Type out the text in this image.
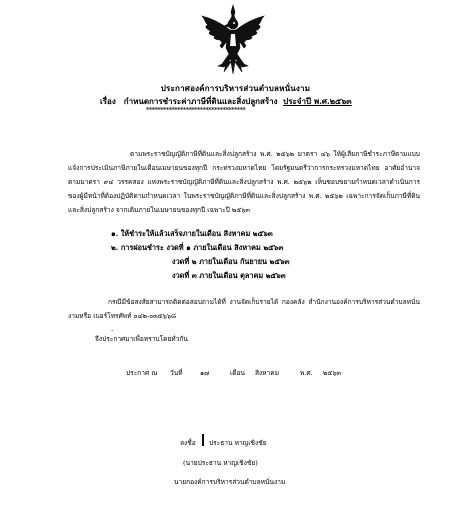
ประกาศองค์การบริหารส่วนตำบลหนั่นงาม
เรื่อง กำหนดการชำระค่าภาษีที่ดินและสิ่งปลูกสร้าง ประจำปี พ.ศ.๒๕๖๓
***********************************
ตามพระราชบัญญัติภาษีที่ดินและสิ่งปลูกสร้าง พ.ศ. ๒๕๖๒ มาตรา ๔๖ ให้ผู้เสียภาษีชำระภาษีตามแบบแจ้งการประเมินภาษีภายในเดือนเมษายนของทุกปี กระทรวงมหาดไทย โดยรัฐมนตรีว่าการกระทรวงมหาดไทย อาศัยอำนาจตามมาตรา ๙๔ วรรคสอง แห่งพระราชบัญญัติภาษีที่ดินและสิ่งปลูกสร้าง พ.ศ. ๒๕๖๒ เห็นชอบขยายกำหนดเวลาดำเนินการของผู้มีหน้าที่ต้องปฏิบัติตามกำหนดเวลา ในพระราชบัญญัติภาษีที่ดินและสิ่งปลูกสร้าง พ.ศ. ๒๕๖๒ เฉพาะการจัดเก็บภาษีที่ดินและสิ่งปลูกสร้าง จากเดิมภายในเมษายนของทุกปี เฉพาะปี ๒๕๖๓
๑. ให้ชำระให้แล้วเสร็จภายในเดือน สิงหาคม ๒๕๖๓
๒. การผ่อนชำระ งวดที่ ๑ ภายในเดือน สิงหาคม ๒๕๖๓
งวดที่ ๒ ภายในเดือน กันยายน ๒๕๖๓
งวดที่ ๓ ภายในเดือน ตุลาคม ๒๕๖๓
กรณีมีข้อสงสัยสามารถติดต่อสอบถามได้ที่ งานจัดเก็บรายได้ กองคลัง สำนักงานองค์การบริหารส่วนตำบลหนั่นงามหรือ เบอร์โทรศัพท์ ๐๔๒-๐๓๕๖๖๘
.
จึงประกาศมาเพื่อทราบโดยทั่วกัน
ประกาศ ณ วันที่	๑๗	เดือน สิงหาคม	พ.ศ. ๒๕๖๓
ลงชื่อ ประธาน หาญเชิงชัย
(นายประธาน หาญเชิงชัย)
นายกองค์การบริหารส่วนตำบลหนั่นงาม
